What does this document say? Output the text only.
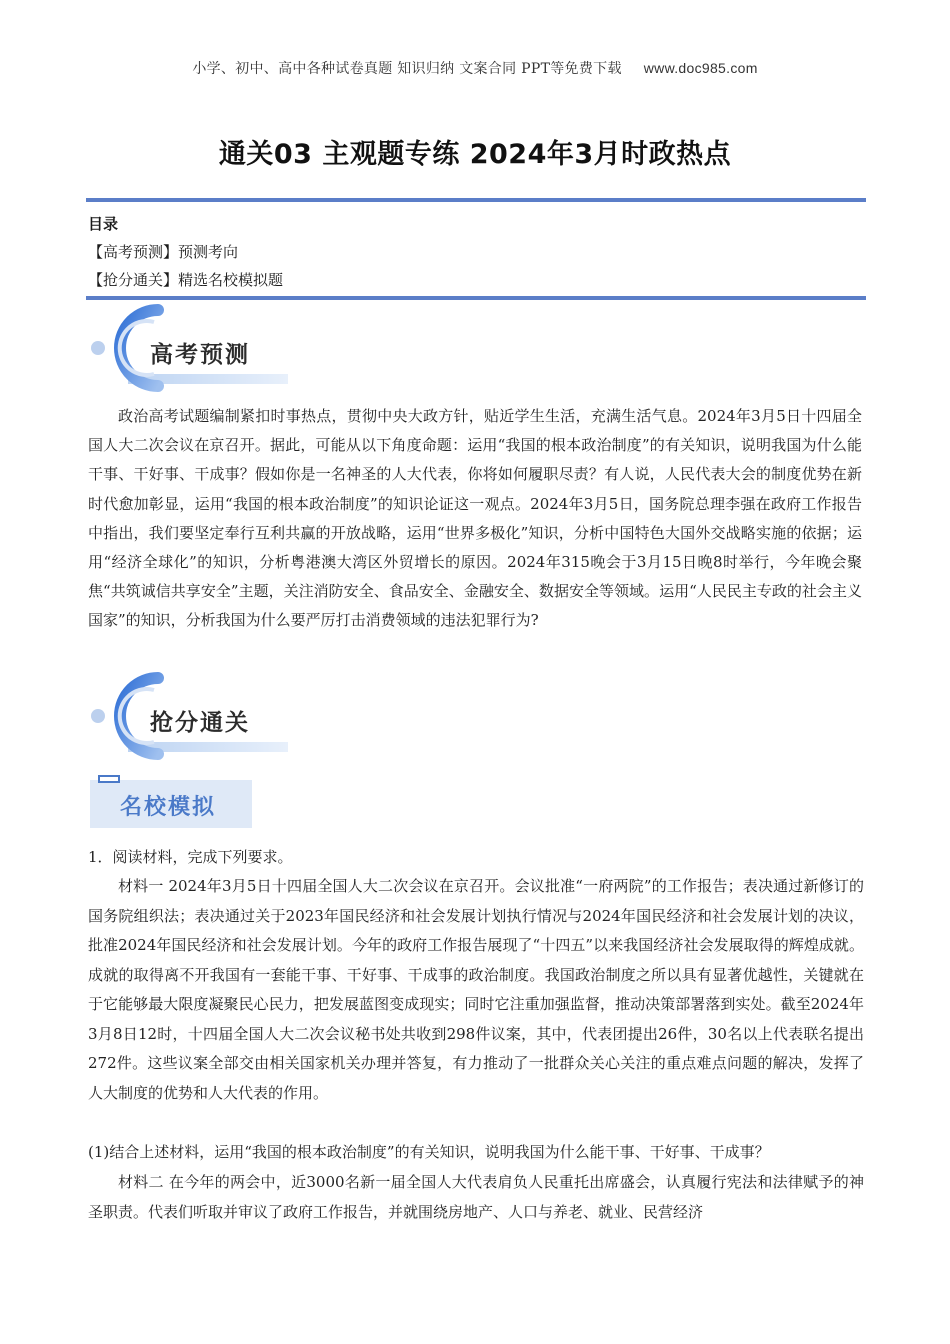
小学、初中、高中各种试卷真题 知识归纳 文案合同 PPT等免费下载 www.doc985.com
通关03 主观题专练 2024年3月时政热点
目录
【高考预测】预测考向
【抢分通关】精选名校模拟题
高考预测
政治高考试题编制紧扣时事热点，贯彻中央大政方针，贴近学生生活，充满生活气息。2024年3月5日十四届全国人大二次会议在京召开。据此，可能从以下角度命题：运用“我国的根本政治制度”的有关知识，说明我国为什么能干事、干好事、干成事？假如你是一名神圣的人大代表，你将如何履职尽责？有人说，人民代表大会的制度优势在新时代愈加彰显，运用“我国的根本政治制度”的知识论证这一观点。2024年3月5日，国务院总理李强在政府工作报告中指出，我们要坚定奉行互利共赢的开放战略，运用“世界多极化”知识，分析中国特色大国外交战略实施的依据；运用“经济全球化”的知识，分析粤港澳大湾区外贸增长的原因。2024年315晚会于3月15日晚8时举行，今年晚会聚焦“共筑诚信共享安全”主题，关注消防安全、食品安全、金融安全、数据安全等领域。运用“人民民主专政的社会主义国家”的知识，分析我国为什么要严厉打击消费领域的违法犯罪行为?
抢分通关
名校模拟
1．阅读材料，完成下列要求。
材料一 2024年3月5日十四届全国人大二次会议在京召开。会议批准“一府两院”的工作报告；表决通过新修订的国务院组织法；表决通过关于2023年国民经济和社会发展计划执行情况与2024年国民经济和社会发展计划的决议，批准2024年国民经济和社会发展计划。今年的政府工作报告展现了“十四五”以来我国经济社会发展取得的辉煌成就。成就的取得离不开我国有一套能干事、干好事、干成事的政治制度。我国政治制度之所以具有显著优越性，关键就在于它能够最大限度凝聚民心民力，把发展蓝图变成现实；同时它注重加强监督，推动决策部署落到实处。截至2024年3月8日12时，十四届全国人大二次会议秘书处共收到298件议案，其中，代表团提出26件，30名以上代表联名提出272件。这些议案全部交由相关国家机关办理并答复，有力推动了一批群众关心关注的重点难点问题的解决，发挥了人大制度的优势和人大代表的作用。
(1)结合上述材料，运用“我国的根本政治制度”的有关知识，说明我国为什么能干事、干好事、干成事？
材料二 在今年的两会中，近3000名新一届全国人大代表肩负人民重托出席盛会，认真履行宪法和法律赋予的神圣职责。代表们听取并审议了政府工作报告，并就围绕房地产、人口与养老、就业、民营经济
